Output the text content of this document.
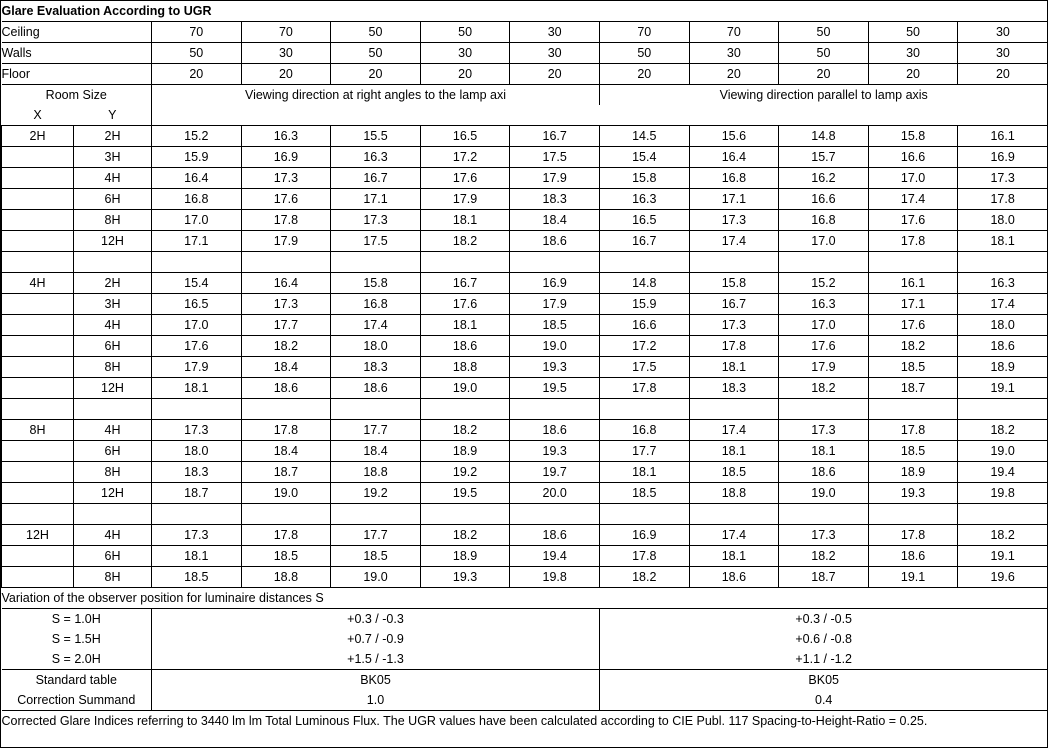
Glare Evaluation According to UGR											
Ceiling		70	70	50	50	30	70	70	50	50	30
Walls		50	30	50	30	30	50	30	50	30	30
Floor		20	20	20	20	20	20	20	20	20	20
Room Size		Viewing direction at right angles to the lamp axi					Viewing direction parallel to lamp axis				
X	Y										
2H	2H	15.2	16.3	15.5	16.5	16.7	14.5	15.6	14.8	15.8	16.1
	3H	15.9	16.9	16.3	17.2	17.5	15.4	16.4	15.7	16.6	16.9
	4H	16.4	17.3	16.7	17.6	17.9	15.8	16.8	16.2	17.0	17.3
	6H	16.8	17.6	17.1	17.9	18.3	16.3	17.1	16.6	17.4	17.8
	8H	17.0	17.8	17.3	18.1	18.4	16.5	17.3	16.8	17.6	18.0
	12H	17.1	17.9	17.5	18.2	18.6	16.7	17.4	17.0	17.8	18.1

4H	2H	15.4	16.4	15.8	16.7	16.9	14.8	15.8	15.2	16.1	16.3
	3H	16.5	17.3	16.8	17.6	17.9	15.9	16.7	16.3	17.1	17.4
	4H	17.0	17.7	17.4	18.1	18.5	16.6	17.3	17.0	17.6	18.0
	6H	17.6	18.2	18.0	18.6	19.0	17.2	17.8	17.6	18.2	18.6
	8H	17.9	18.4	18.3	18.8	19.3	17.5	18.1	17.9	18.5	18.9
	12H	18.1	18.6	18.6	19.0	19.5	17.8	18.3	18.2	18.7	19.1

8H	4H	17.3	17.8	17.7	18.2	18.6	16.8	17.4	17.3	17.8	18.2
	6H	18.0	18.4	18.4	18.9	19.3	17.7	18.1	18.1	18.5	19.0
	8H	18.3	18.7	18.8	19.2	19.7	18.1	18.5	18.6	18.9	19.4
	12H	18.7	19.0	19.2	19.5	20.0	18.5	18.8	19.0	19.3	19.8

12H	4H	17.3	17.8	17.7	18.2	18.6	16.9	17.4	17.3	17.8	18.2
	6H	18.1	18.5	18.5	18.9	19.4	17.8	18.1	18.2	18.6	19.1
	8H	18.5	18.8	19.0	19.3	19.8	18.2	18.6	18.7	19.1	19.6
Variation of the observer position for luminaire distances S											
S = 1.0H		+0.3 / -0.3					+0.3 / -0.5				
S = 1.5H		+0.7 / -0.9					+0.6 / -0.8				
S = 2.0H		+1.5 / -1.3					+1.1 / -1.2				
Standard table		BK05					BK05				
Correction Summand		1.0					0.4				
Corrected Glare Indices referring to 3440 lm lm Total Luminous Flux. The UGR values have been calculated according to CIE Publ. 117 Spacing-to-Height-Ratio = 0.25.											
